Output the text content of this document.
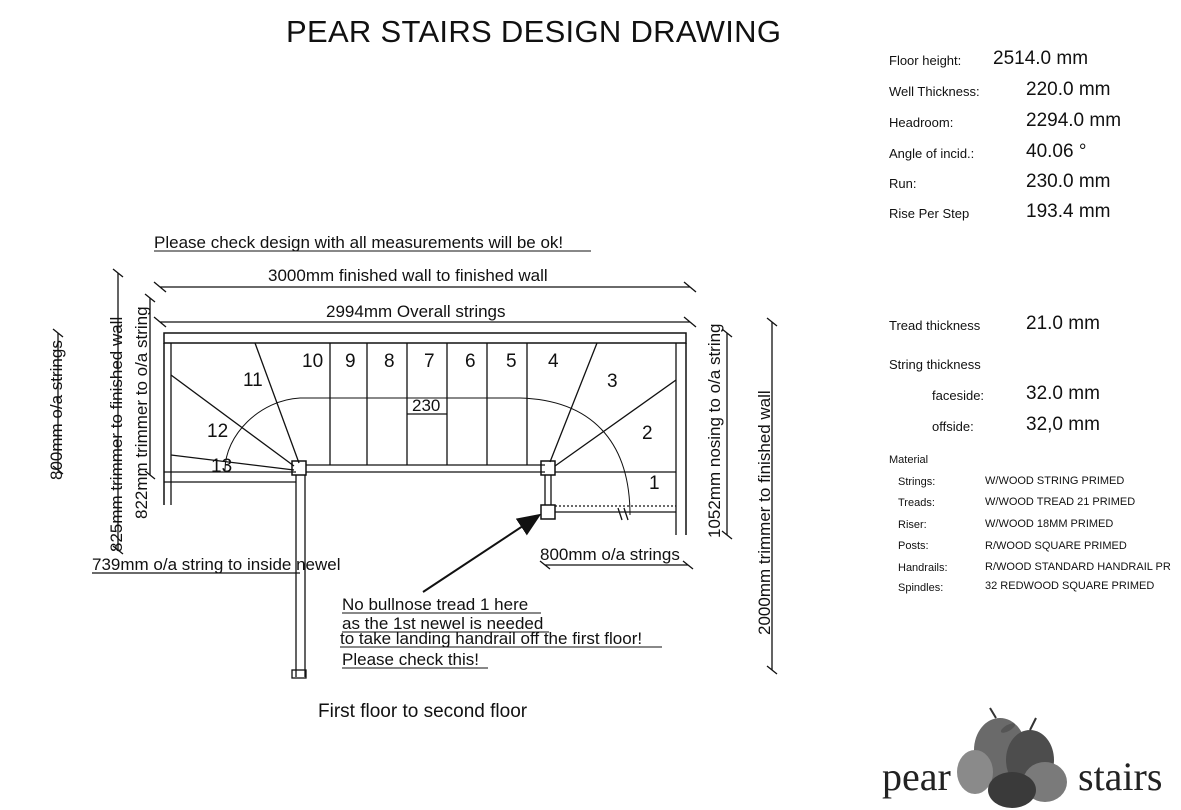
PEAR STAIRS DESIGN DRAWING
Floor height: 2514.0 mm
Well Thickness: 220.0 mm
Headroom:	2294.0 mm
Angle of incid.:	40.06 °
Run:	230.0 mm
Rise Per Step	193.4 mm
Tread thickness 21.0 mm
String thickness
faceside: 32.0 mm
offside:	32,0 mm
Material
Strings:	W/WOOD STRING PRIMED
Treads:	W/WOOD TREAD 21 PRIMED
Riser:	W/WOOD 18MM PRIMED
Posts:	R/WOOD SQUARE PRIMED
Handrails:	R/WOOD STANDARD HANDRAIL PR
Spindles:	32 REDWOOD SQUARE PRIMED
Please check design with all measurements will be ok!
3000mm finished wall to finished wall
2994mm Overall strings
1
2
3
4
5
6
7
8
9
10
11
12
13
230
800mm o/a strings 825mm trimmer to finished wall 822mm trimmer to o/a string	1052mm nosing to o/a string 2000mm trimmer to finished wall
739mm o/a string to inside newel
800mm o/a strings
No bullnose tread 1 here
as the 1st newel is needed
to take landing handrail off the first floor!
Please check this!
First floor to second floor
pear	stairs
